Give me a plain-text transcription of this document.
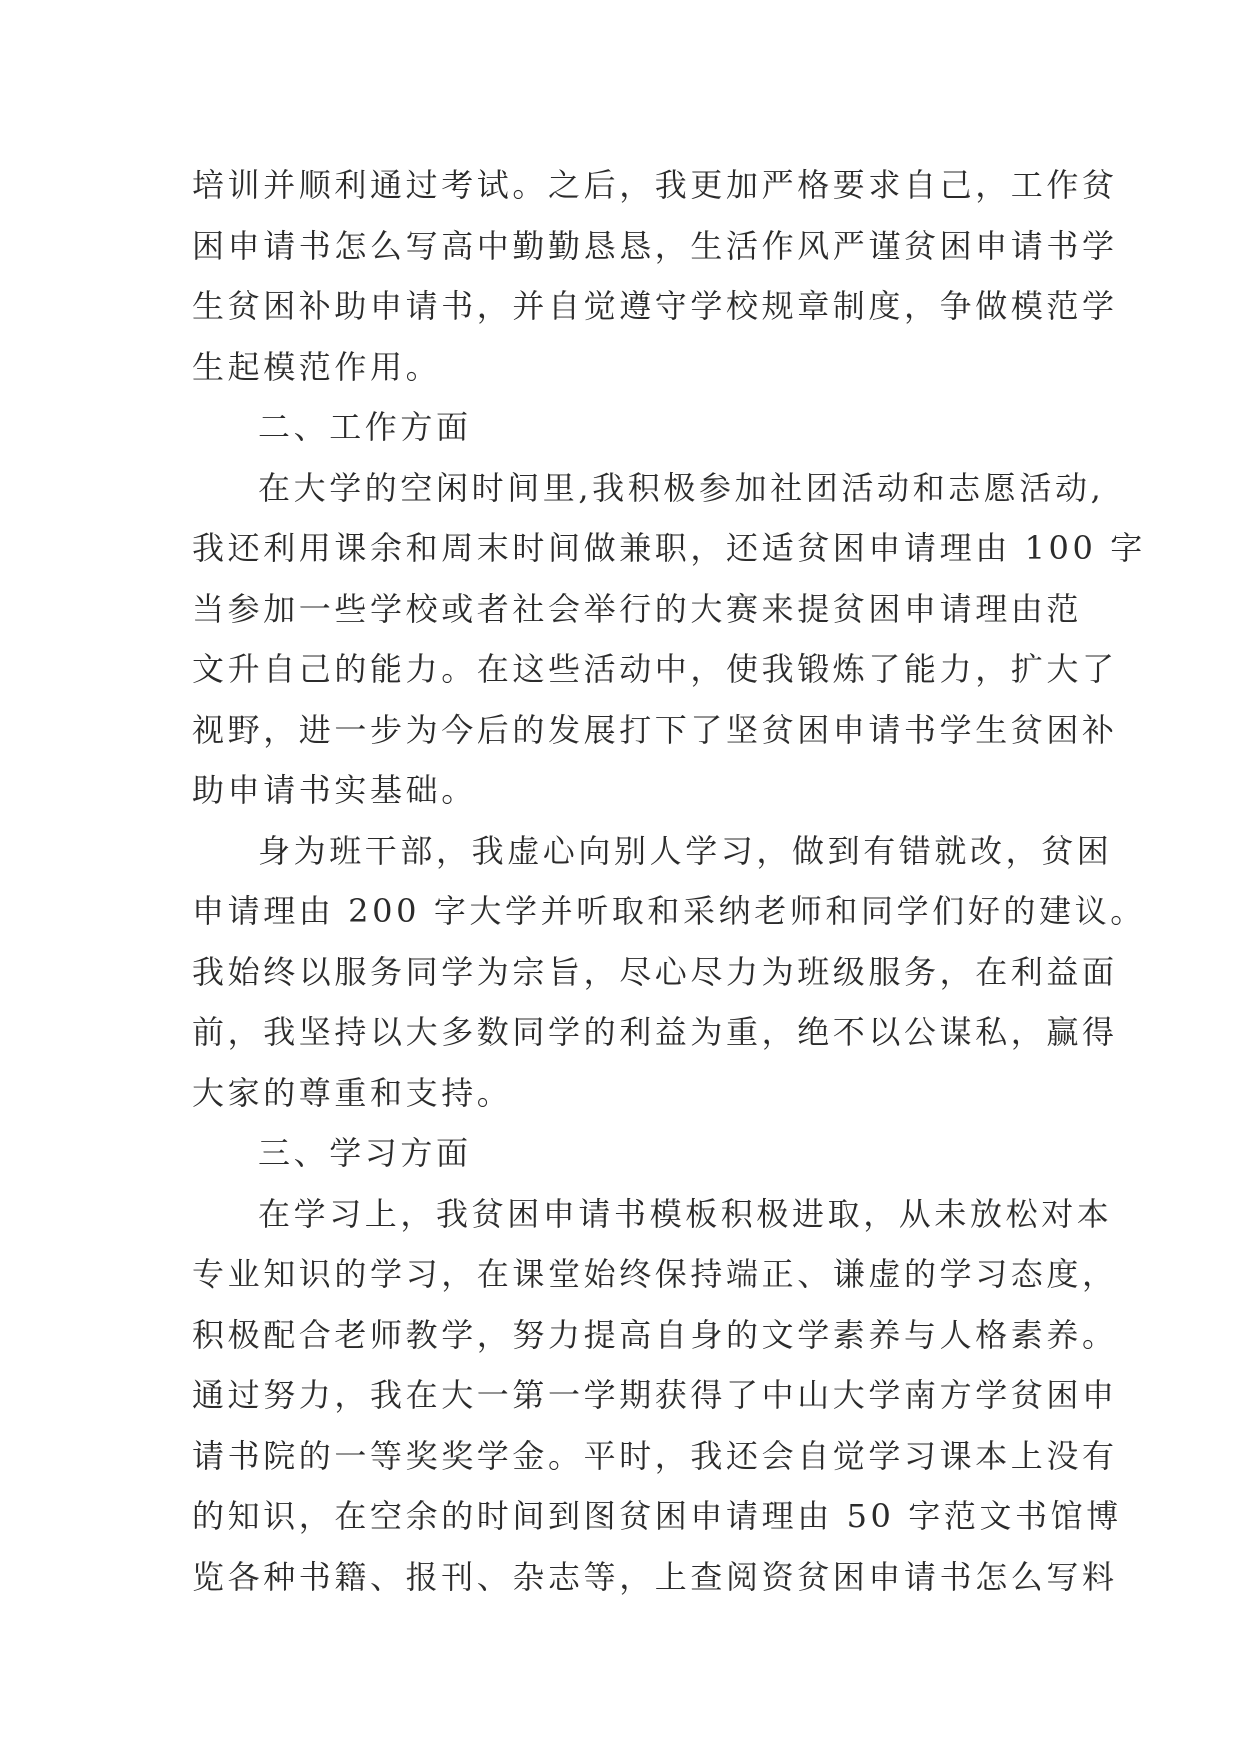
培训并顺利通过考试。之后，我更加严格要求自己，工作贫
困申请书怎么写高中勤勤恳恳，生活作风严谨贫困申请书学
生贫困补助申请书，并自觉遵守学校规章制度，争做模范学
生起模范作用。
二、工作方面
在大学的空闲时间里,我积极参加社团活动和志愿活动,
我还利用课余和周末时间做兼职，还适贫困申请理由 100 字
当参加一些学校或者社会举行的大赛来提贫困申请理由范
文升自己的能力。在这些活动中，使我锻炼了能力，扩大了
视野，进一步为今后的发展打下了坚贫困申请书学生贫困补
助申请书实基础。
身为班干部，我虚心向别人学习，做到有错就改，贫困
申请理由 200 字大学并听取和采纳老师和同学们好的建议。
我始终以服务同学为宗旨，尽心尽力为班级服务，在利益面
前，我坚持以大多数同学的利益为重，绝不以公谋私，赢得
大家的尊重和支持。
三、学习方面
在学习上，我贫困申请书模板积极进取，从未放松对本
专业知识的学习，在课堂始终保持端正、谦虚的学习态度，
积极配合老师教学，努力提高自身的文学素养与人格素养。
通过努力，我在大一第一学期获得了中山大学南方学贫困申
请书院的一等奖奖学金。平时，我还会自觉学习课本上没有
的知识，在空余的时间到图贫困申请理由 50 字范文书馆博
览各种书籍、报刊、杂志等，上查阅资贫困申请书怎么写料
